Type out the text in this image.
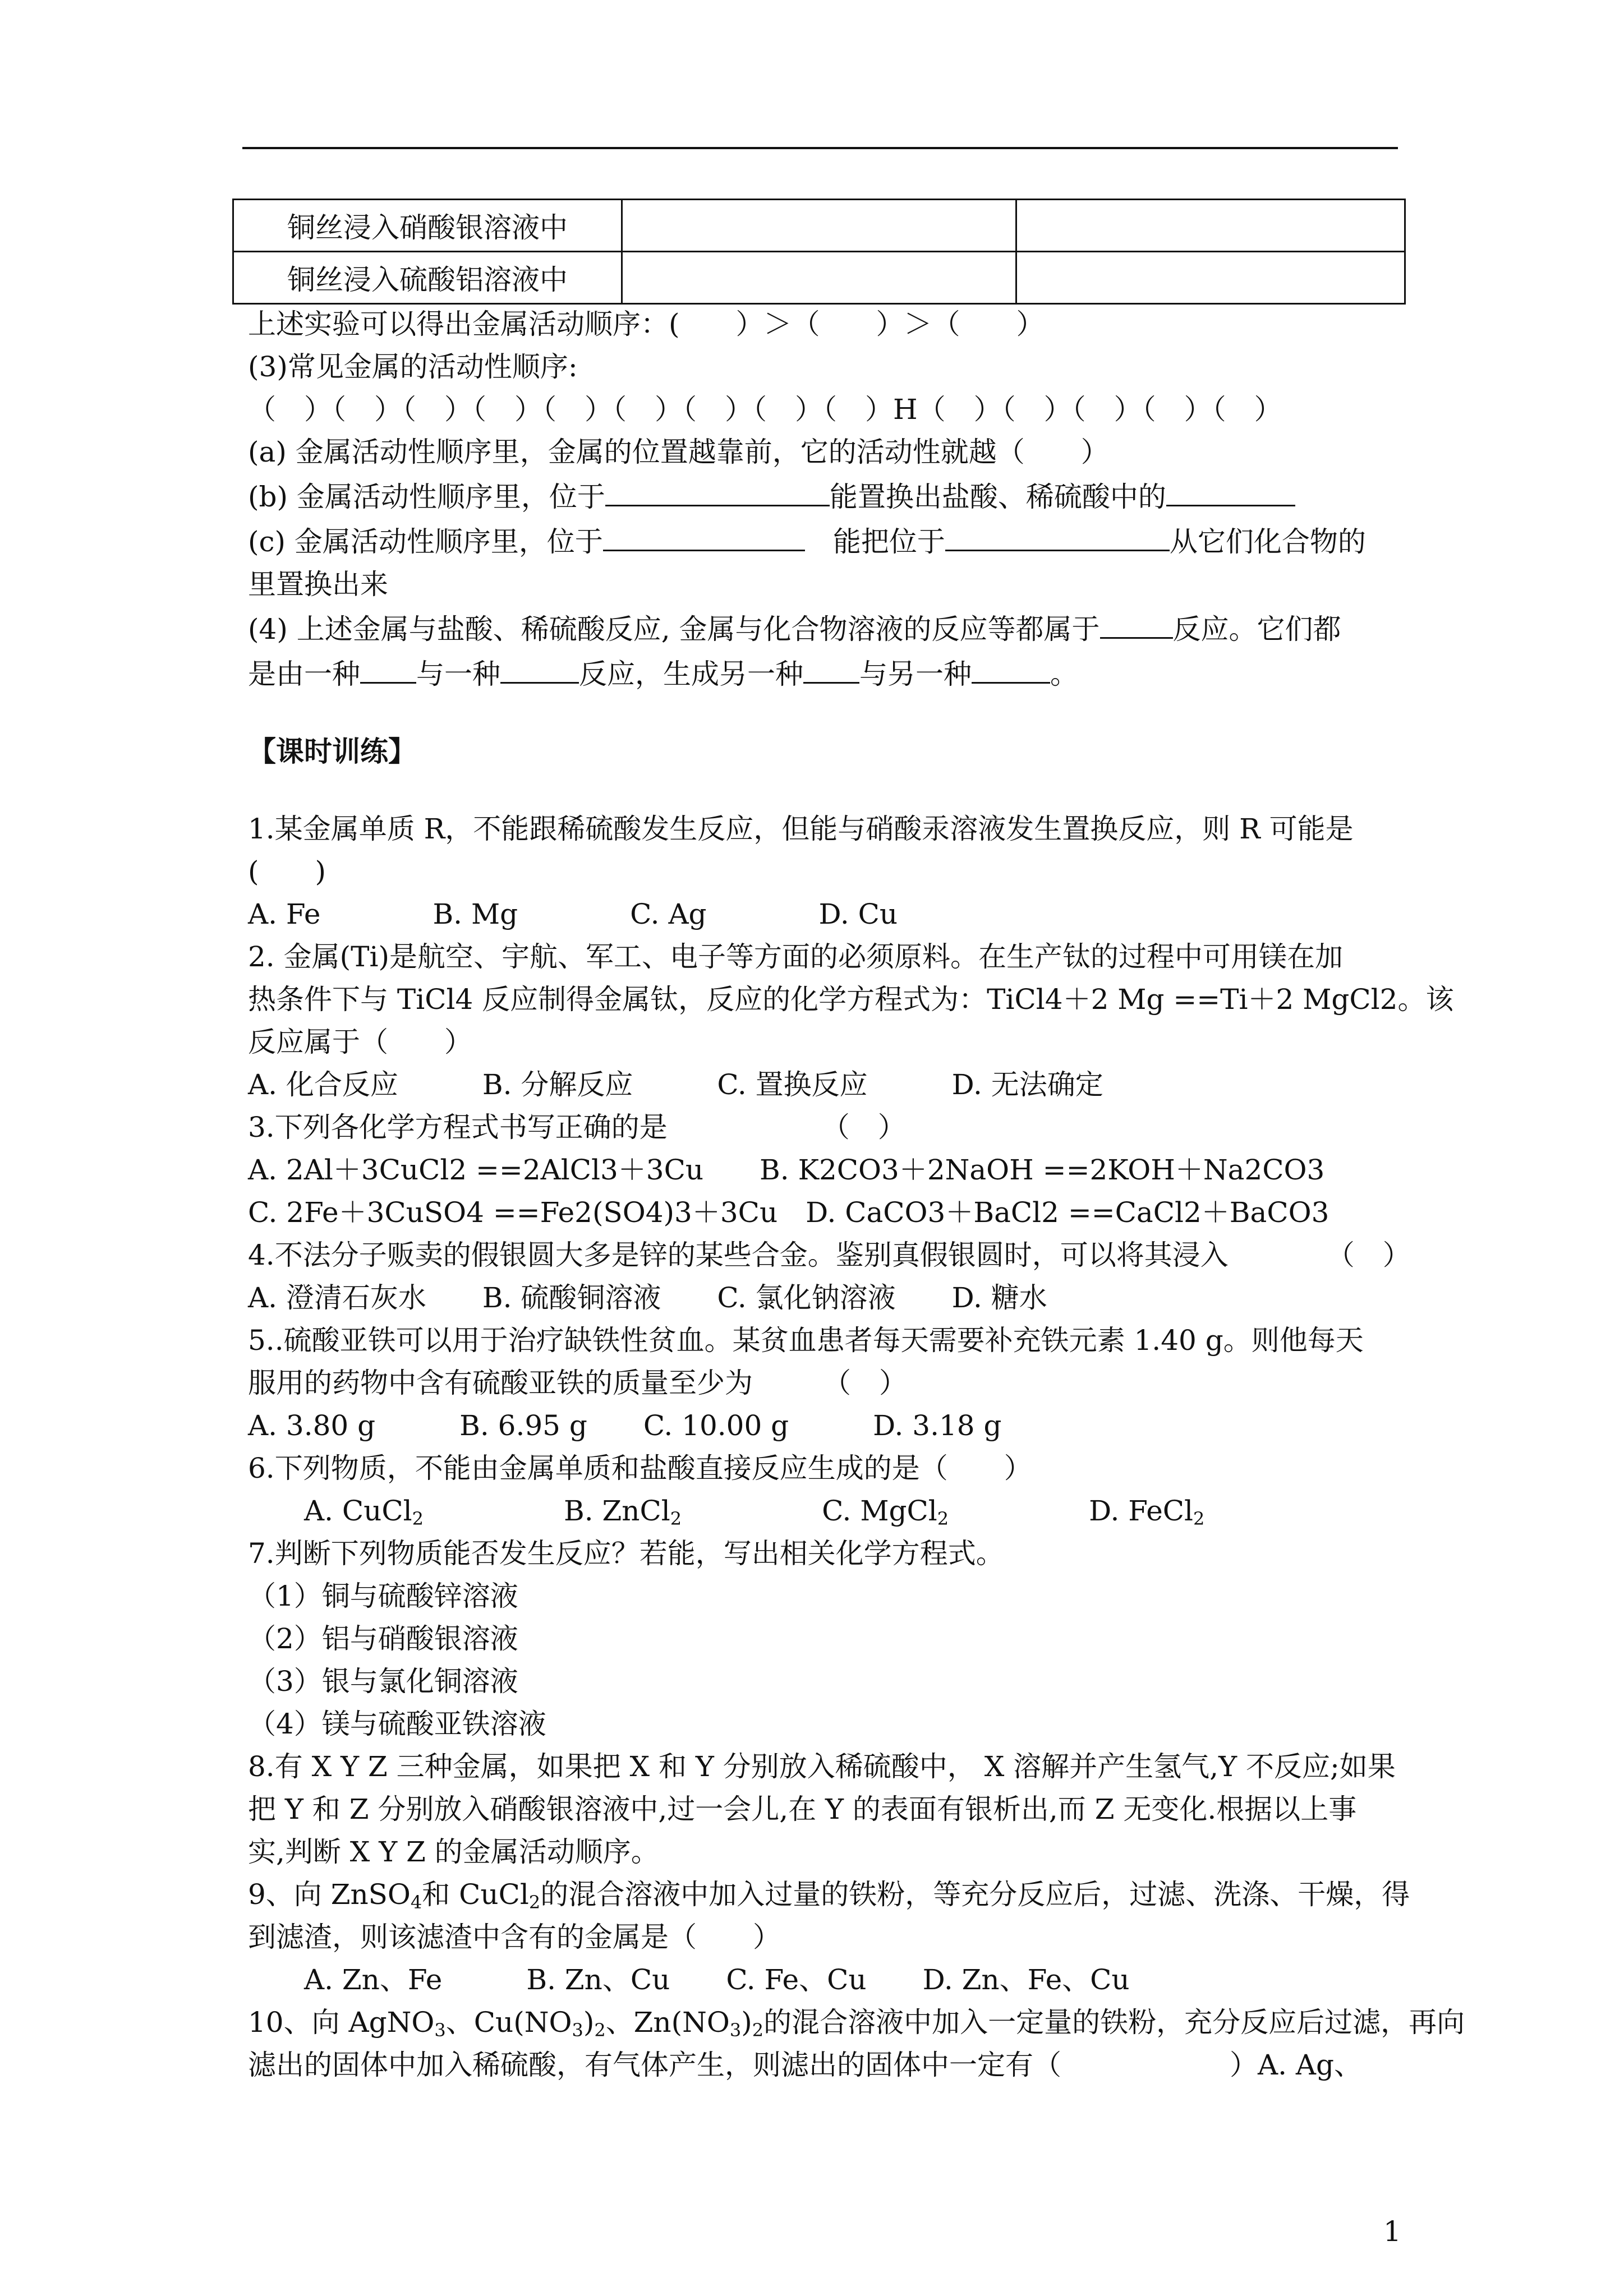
铜丝浸入硝酸银溶液中		
铜丝浸入硫酸铝溶液中		

上述实验可以得出金属活动顺序：(　　）＞（　　）＞（　　）

(3)常见金属的活动性顺序:

（　）（　）（　）（　）（　）（　）（　）（　）（　）H（　）（　）（　）（　）（　）

(a) 金属活动性顺序里，金属的位置越靠前，它的活动性就越（　　）

(b) 金属活动性顺序里，位于	能置换出盐酸、稀硫酸中的

(c) 金属活动性顺序里，位于	　能把位于	从它们化合物的

里置换出来

(4) 上述金属与盐酸、稀硫酸反应, 金属与化合物溶液的反应等都属于	反应。它们都

是由一种 与一种	反应，生成另一种 与另一种	。

【课时训练】

1.某金属单质 R，不能跟稀硫酸发生反应，但能与硝酸汞溶液发生置换反应，则 R 可能是

(　　)

A. Fe　　　　B. Mg　　　　C. Ag　　　　D. Cu

2. 金属(Ti)是航空、宇航、军工、电子等方面的必须原料。在生产钛的过程中可用镁在加

热条件下与 TiCl4 反应制得金属钛，反应的化学方程式为：TiCl4＋2 Mg ==Ti＋2 MgCl2。该

反应属于（　　）

A. 化合反应　　　B. 分解反应　　　C. 置换反应　　　D. 无法确定

3.下列各化学方程式书写正确的是　　　　　　（　）

A. 2Al＋3CuCl2 ==2AlCl3＋3Cu　　B. K2CO3＋2NaOH ==2KOH＋Na2CO3

C. 2Fe＋3CuSO4 ==Fe2(SO4)3＋3Cu　D. CaCO3＋BaCl2 ==CaCl2＋BaCO3

4.不法分子贩卖的假银圆大多是锌的某些合金。鉴别真假银圆时，可以将其浸入　　　　（　）

A. 澄清石灰水　　B. 硫酸铜溶液　　C. 氯化钠溶液　　D. 糖水

5..硫酸亚铁可以用于治疗缺铁性贫血。某贫血患者每天需要补充铁元素 1.40 g。则他每天

服用的药物中含有硫酸亚铁的质量至少为　　　（　）

A. 3.80 g　　　B. 6.95 g　　C. 10.00 g　　　D. 3.18 g

6.下列物质，不能由金属单质和盐酸直接反应生成的是（　　）

　　A. CuCl$_2$　　　　　	B. ZnCl$_2$　　　　　	C. MgCl$_2$　　　　　	D. FeCl$_2$

7.判断下列物质能否发生反应？若能，写出相关化学方程式。

（1）铜与硫酸锌溶液

（2）铝与硝酸银溶液

（3）银与氯化铜溶液

（4）镁与硫酸亚铁溶液

8.有 X Y Z 三种金属，如果把 X 和 Y 分别放入稀硫酸中， X 溶解并产生氢气,Y 不反应;如果

把 Y 和 Z 分别放入硝酸银溶液中,过一会儿,在 Y 的表面有银析出,而 Z 无变化.根据以上事

实,判断 X Y Z 的金属活动顺序。

9、向 ZnSO$_4$和 CuCl$_2$的混合溶液中加入过量的铁粉，等充分反应后，过滤、洗涤、干燥，得

到滤渣，则该滤渣中含有的金属是（　　）

　　A. Zn、Fe　　　B. Zn、Cu　　C. Fe、Cu　　D. Zn、Fe、Cu

10、向 AgNO$_3$、$Cu(NO_3)_2$、$Zn(NO_3)_2$的混合溶液中加入一定量的铁粉，充分反应后过滤，再向

滤出的固体中加入稀硫酸，有气体产生，则滤出的固体中一定有（　　　　　　）A. Ag、

1
